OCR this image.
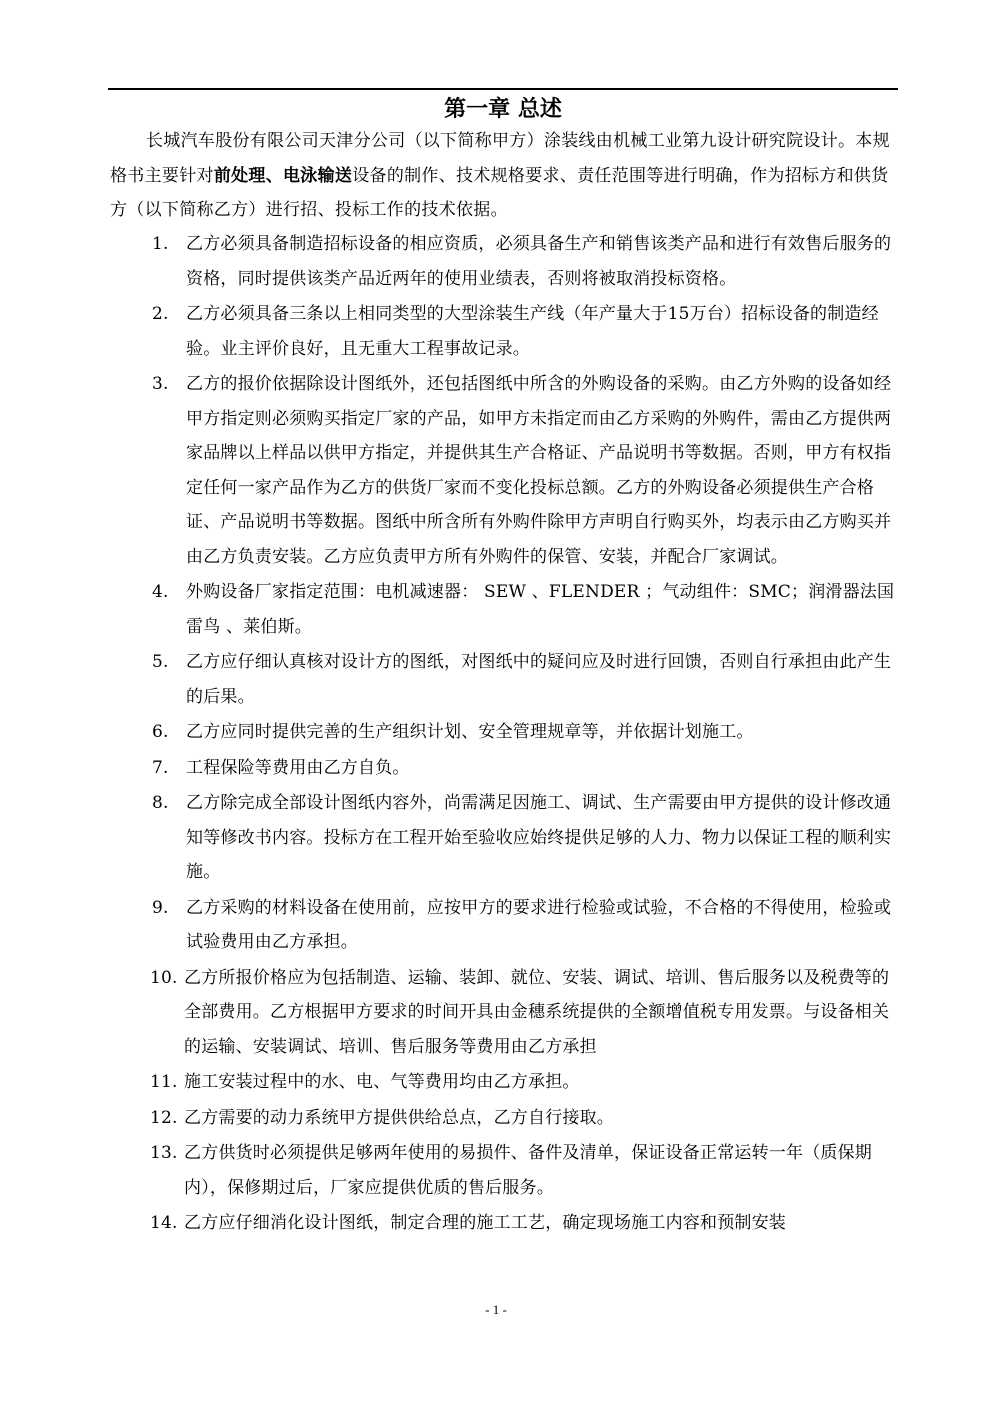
第一章 总述
长城汽车股份有限公司天津分公司（以下简称甲方）涂装线由机械工业第九设计研究院设计。本规格书主要针对前处理、电泳输送设备的制作、技术规格要求、责任范围等进行明确，作为招标方和供货方（以下简称乙方）进行招、投标工作的技术依据。
1.	乙方必须具备制造招标设备的相应资质，必须具备生产和销售该类产品和进行有效售后服务的资格，同时提供该类产品近两年的使用业绩表，否则将被取消投标资格。
2.	乙方必须具备三条以上相同类型的大型涂装生产线（年产量大于15万台）招标设备的制造经验。业主评价良好，且无重大工程事故记录。
3.	乙方的报价依据除设计图纸外，还包括图纸中所含的外购设备的采购。由乙方外购的设备如经甲方指定则必须购买指定厂家的产品，如甲方未指定而由乙方采购的外购件，需由乙方提供两家品牌以上样品以供甲方指定，并提供其生产合格证、产品说明书等数据。否则，甲方有权指定任何一家产品作为乙方的供货厂家而不变化投标总额。乙方的外购设备必须提供生产合格证、产品说明书等数据。图纸中所含所有外购件除甲方声明自行购买外，均表示由乙方购买并由乙方负责安装。乙方应负责甲方所有外购件的保管、安装，并配合厂家调试。
4.	外购设备厂家指定范围：电机减速器： SEW 、FLENDER ；气动组件：SMC；润滑器法国雷鸟 、莱伯斯。
5.	乙方应仔细认真核对设计方的图纸，对图纸中的疑问应及时进行回馈，否则自行承担由此产生的后果。
6.	乙方应同时提供完善的生产组织计划、安全管理规章等，并依据计划施工。
7.	工程保险等费用由乙方自负。
8.	乙方除完成全部设计图纸内容外，尚需满足因施工、调试、生产需要由甲方提供的设计修改通知等修改书内容。投标方在工程开始至验收应始终提供足够的人力、物力以保证工程的顺利实施。
9.	乙方采购的材料设备在使用前，应按甲方的要求进行检验或试验，不合格的不得使用，检验或试验费用由乙方承担。
10. 乙方所报价格应为包括制造、运输、装卸、就位、安装、调试、培训、售后服务以及税费等的全部费用。乙方根据甲方要求的时间开具由金穗系统提供的全额增值税专用发票。与设备相关的运输、安装调试、培训、售后服务等费用由乙方承担
11. 施工安装过程中的水、电、气等费用均由乙方承担。
12. 乙方需要的动力系统甲方提供供给总点，乙方自行接取。
13. 乙方供货时必须提供足够两年使用的易损件、备件及清单，保证设备正常运转一年（质保期内），保修期过后，厂家应提供优质的售后服务。
14. 乙方应仔细消化设计图纸，制定合理的施工工艺，确定现场施工内容和预制安装
- 1 -
